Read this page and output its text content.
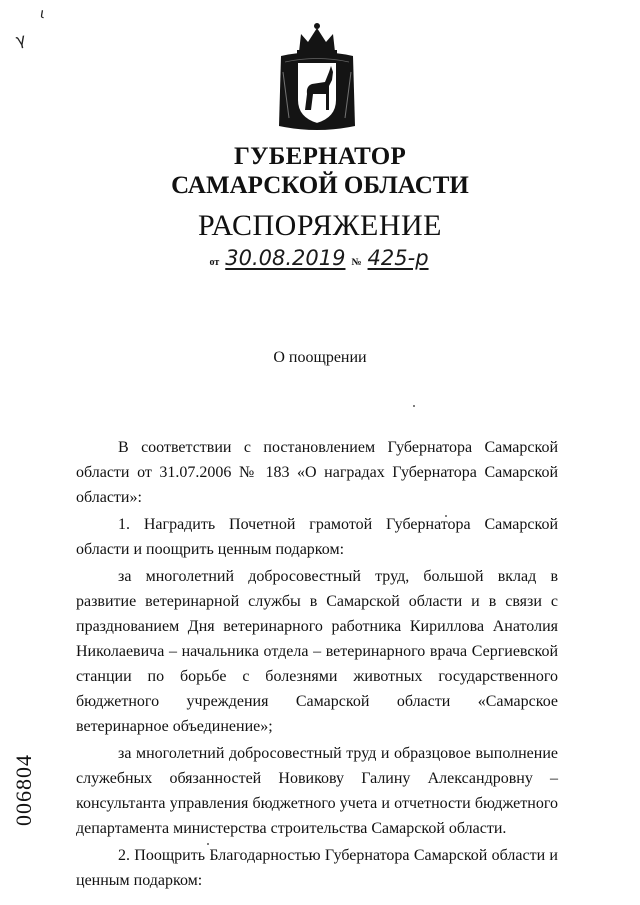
ɩ
γ
ГУБЕРНАТОР
САМАРСКОЙ ОБЛАСТИ
РАСПОРЯЖЕНИЕ
от 30.08.2019 № 425-р
О поощрении

В соответствии с постановлением Губернатора Самарской области от 31.07.2006 № 183 «О наградах Губернатора Самарской области»:

1. Наградить Почетной грамотой Губернатора Самарской области и поощрить ценным подарком:

за многолетний добросовестный труд, большой вклад в развитие ветеринарной службы в Самарской области и в связи с празднованием Дня ветеринарного работника Кириллова Анатолия Николаевича – начальника отдела – ветеринарного врача Сергиевской станции по борьбе с болезнями животных государственного бюджетного учреждения Самарской области «Самарское ветеринарное объединение»;

за многолетний добросовестный труд и образцовое выполнение служебных обязанностей Новикову Галину Александровну – консультанта управления бюджетного учета и отчетности бюджетного департамента министерства строительства Самарской области.

2. Поощрить Благодарностью Губернатора Самарской области и ценным подарком:

006804
